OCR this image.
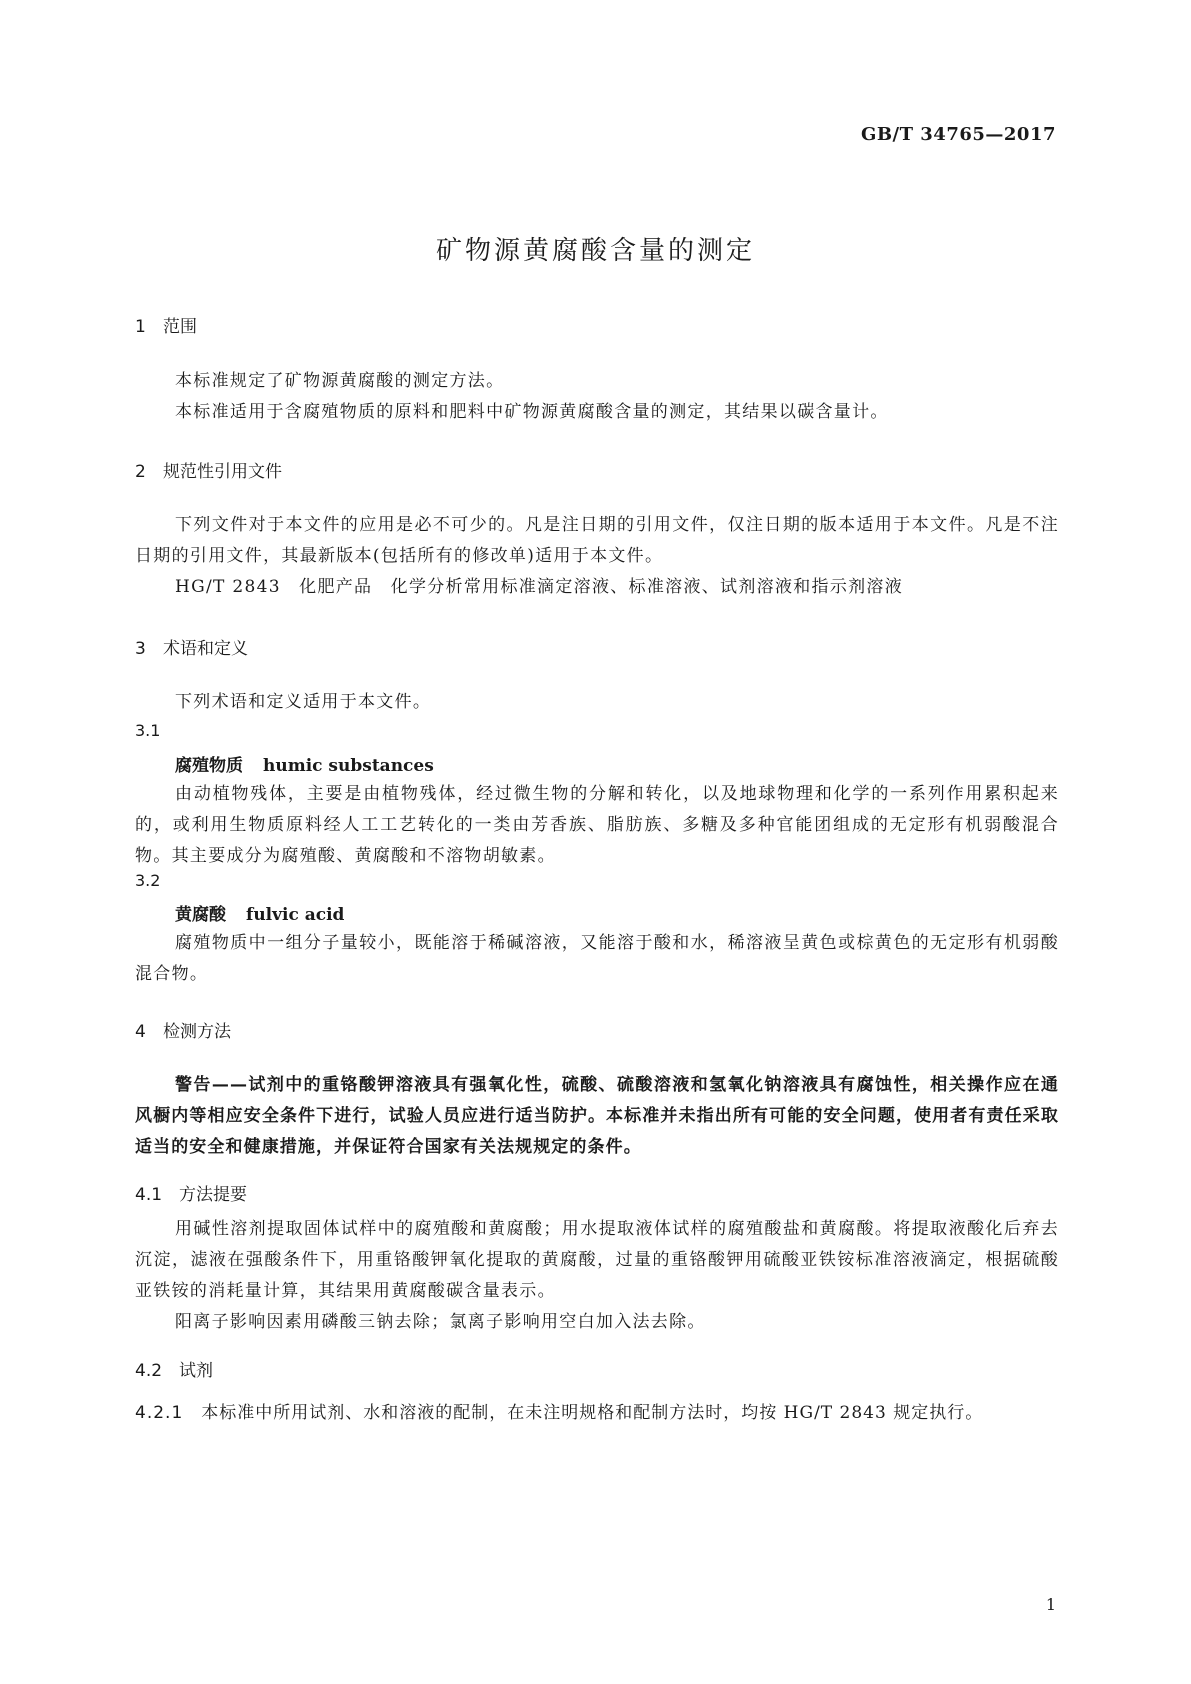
GB/T 34765—2017
矿物源黄腐酸含量的测定
1 范围

本标准规定了矿物源黄腐酸的测定方法。

本标准适用于含腐殖物质的原料和肥料中矿物源黄腐酸含量的测定，其结果以碳含量计。

2 规范性引用文件

下列文件对于本文件的应用是必不可少的。凡是注日期的引用文件，仅注日期的版本适用于本文件。凡是不注日期的引用文件，其最新版本(包括所有的修改单)适用于本文件。

HG/T 2843　化肥产品　化学分析常用标准滴定溶液、标准溶液、试剂溶液和指示剂溶液

3 术语和定义

下列术语和定义适用于本文件。

3.1
腐殖物质 humic substances

由动植物残体，主要是由植物残体，经过微生物的分解和转化，以及地球物理和化学的一系列作用累积起来的，或利用生物质原料经人工工艺转化的一类由芳香族、脂肪族、多糖及多种官能团组成的无定形有机弱酸混合物。其主要成分为腐殖酸、黄腐酸和不溶物胡敏素。

3.2
黄腐酸 fulvic acid

腐殖物质中一组分子量较小，既能溶于稀碱溶液，又能溶于酸和水，稀溶液呈黄色或棕黄色的无定形有机弱酸混合物。

4 检测方法

警告——试剂中的重铬酸钾溶液具有强氧化性，硫酸、硫酸溶液和氢氧化钠溶液具有腐蚀性，相关操作应在通风橱内等相应安全条件下进行，试验人员应进行适当防护。本标准并未指出所有可能的安全问题，使用者有责任采取适当的安全和健康措施，并保证符合国家有关法规规定的条件。

4.1 方法提要

用碱性溶剂提取固体试样中的腐殖酸和黄腐酸；用水提取液体试样的腐殖酸盐和黄腐酸。将提取液酸化后弃去沉淀，滤液在强酸条件下，用重铬酸钾氧化提取的黄腐酸，过量的重铬酸钾用硫酸亚铁铵标准溶液滴定，根据硫酸亚铁铵的消耗量计算，其结果用黄腐酸碳含量表示。

阳离子影响因素用磷酸三钠去除；氯离子影响用空白加入法去除。

4.2 试剂
4.2.1 本标准中所用试剂、水和溶液的配制，在未注明规格和配制方法时，均按 HG/T 2843 规定执行。
1
